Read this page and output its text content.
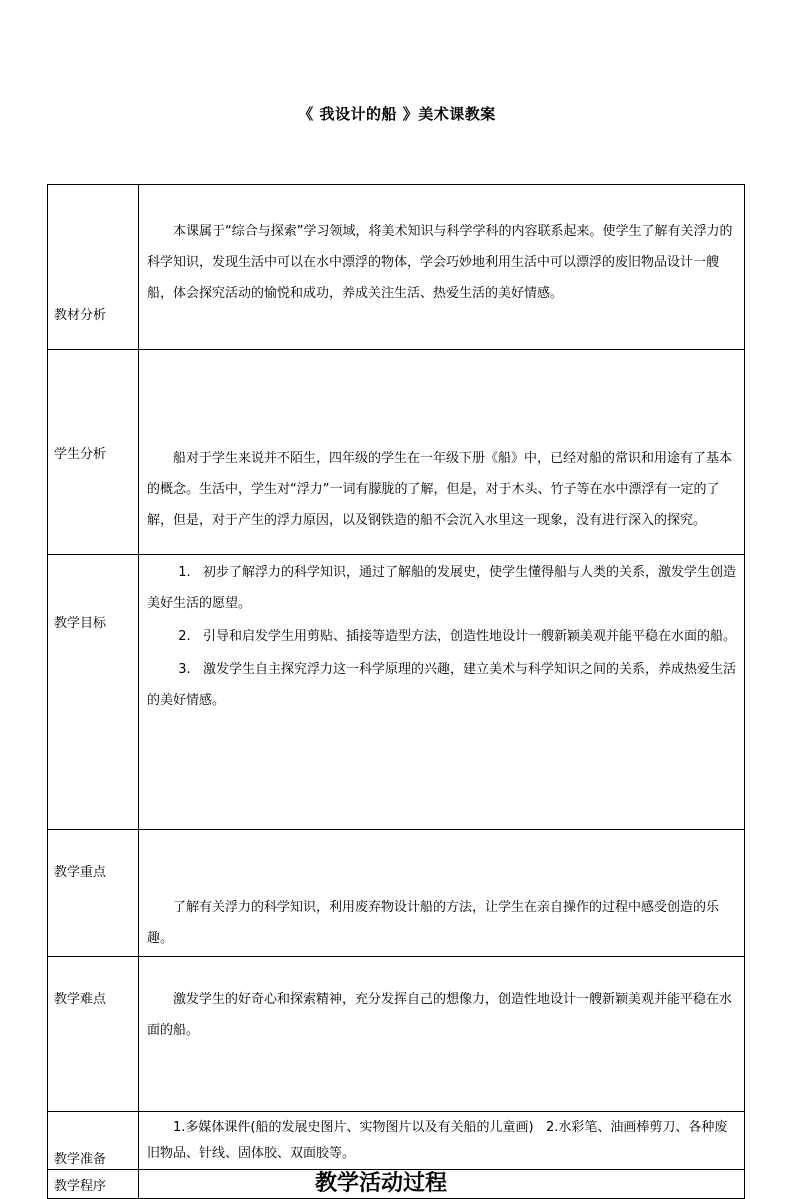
《 我设计的船 》美术课教案
教材分析	本课属于“综合与探索”学习领域，将美术知识与科学学科的内容联系起来。使学生了解有关浮力的科学知识，发现生活中可以在水中漂浮的物体，学会巧妙地利用生活中可以漂浮的废旧物品设计一艘船，体会探究活动的愉悦和成功，养成关注生活、热爱生活的美好情感。

学生分析	船对于学生来说并不陌生，四年级的学生在一年级下册《船》中，已经对船的常识和用途有了基本的概念。生活中，学生对“浮力”一词有朦胧的了解，但是，对于木头、竹子等在水中漂浮有一定的了解，但是，对于产生的浮力原因，以及钢铁造的船不会沉入水里这一现象，没有进行深入的探究。

教学目标	1.   初步了解浮力的科学知识，通过了解船的发展史，使学生懂得船与人类的关系，激发学生创造美好生活的愿望。

2.   引导和启发学生用剪贴、插接等造型方法，创造性地设计一艘新颖美观并能平稳在水面的船。

3.   激发学生自主探究浮力这一科学原理的兴趣，建立美术与科学知识之间的关系，养成热爱生活的美好情感。

教学重点	了解有关浮力的科学知识，利用废弃物设计船的方法，让学生在亲自操作的过程中感受创造的乐趣。

教学难点	激发学生的好奇心和探索精神，充分发挥自己的想像力，创造性地设计一艘新颖美观并能平稳在水面的船。

教学准备	1.多媒体课件(船的发展史图片、实物图片以及有关船的儿童画)   2.水彩笔、油画棒剪刀、各种废旧物品、针线、固体胶、双面胶等。

教学程序	教学活动过程
